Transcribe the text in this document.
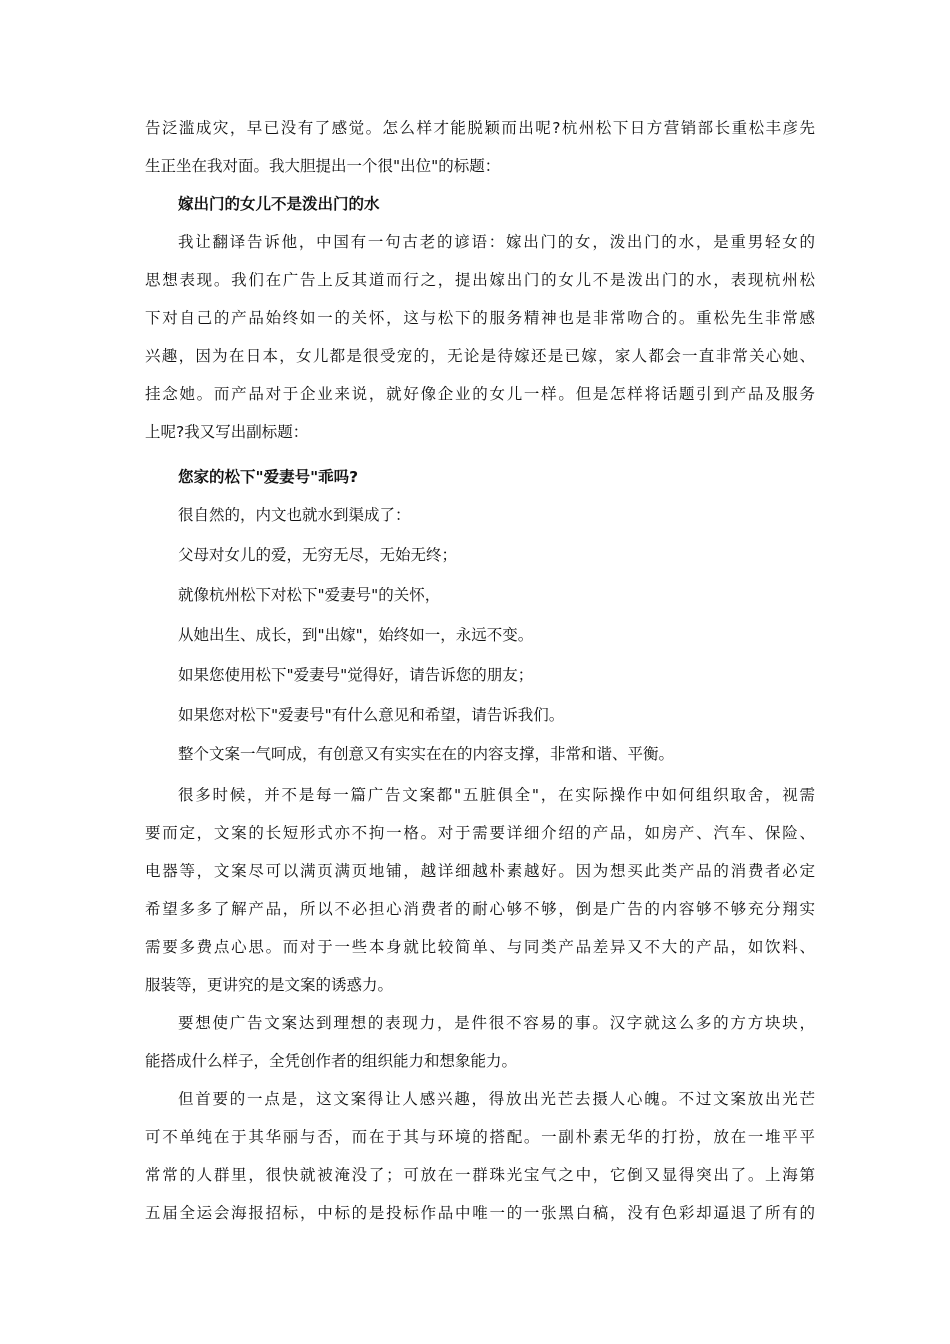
告泛滥成灾，早已没有了感觉。怎么样才能脱颖而出呢?杭州松下日方营销部长重松丰彦先
生正坐在我对面。我大胆提出一个很"出位"的标题：
嫁出门的女儿不是泼出门的水
我让翻译告诉他，中国有一句古老的谚语：嫁出门的女，泼出门的水，是重男轻女的
思想表现。我们在广告上反其道而行之，提出嫁出门的女儿不是泼出门的水，表现杭州松
下对自己的产品始终如一的关怀，这与松下的服务精神也是非常吻合的。重松先生非常感
兴趣，因为在日本，女儿都是很受宠的，无论是待嫁还是已嫁，家人都会一直非常关心她、
挂念她。而产品对于企业来说，就好像企业的女儿一样。但是怎样将话题引到产品及服务
上呢?我又写出副标题：
您家的松下"爱妻号"乖吗?
很自然的，内文也就水到渠成了：
父母对女儿的爱，无穷无尽，无始无终；
就像杭州松下对松下"爱妻号"的关怀，
从她出生、成长，到"出嫁"，始终如一，永远不变。
如果您使用松下"爱妻号"觉得好，请告诉您的朋友；
如果您对松下"爱妻号"有什么意见和希望，请告诉我们。
整个文案一气呵成，有创意又有实实在在的内容支撑，非常和谐、平衡。
很多时候，并不是每一篇广告文案都"五脏俱全"，在实际操作中如何组织取舍，视需
要而定，文案的长短形式亦不拘一格。对于需要详细介绍的产品，如房产、汽车、保险、
电器等，文案尽可以满页满页地铺，越详细越朴素越好。因为想买此类产品的消费者必定
希望多多了解产品，所以不必担心消费者的耐心够不够，倒是广告的内容够不够充分翔实
需要多费点心思。而对于一些本身就比较简单、与同类产品差异又不大的产品，如饮料、
服装等，更讲究的是文案的诱惑力。
要想使广告文案达到理想的表现力，是件很不容易的事。汉字就这么多的方方块块，
能搭成什么样子，全凭创作者的组织能力和想象能力。
但首要的一点是，这文案得让人感兴趣，得放出光芒去摄人心魄。不过文案放出光芒
可不单纯在于其华丽与否，而在于其与环境的搭配。一副朴素无华的打扮，放在一堆平平
常常的人群里，很快就被淹没了；可放在一群珠光宝气之中，它倒又显得突出了。上海第
五届全运会海报招标，中标的是投标作品中唯一的一张黑白稿，没有色彩却逼退了所有的
